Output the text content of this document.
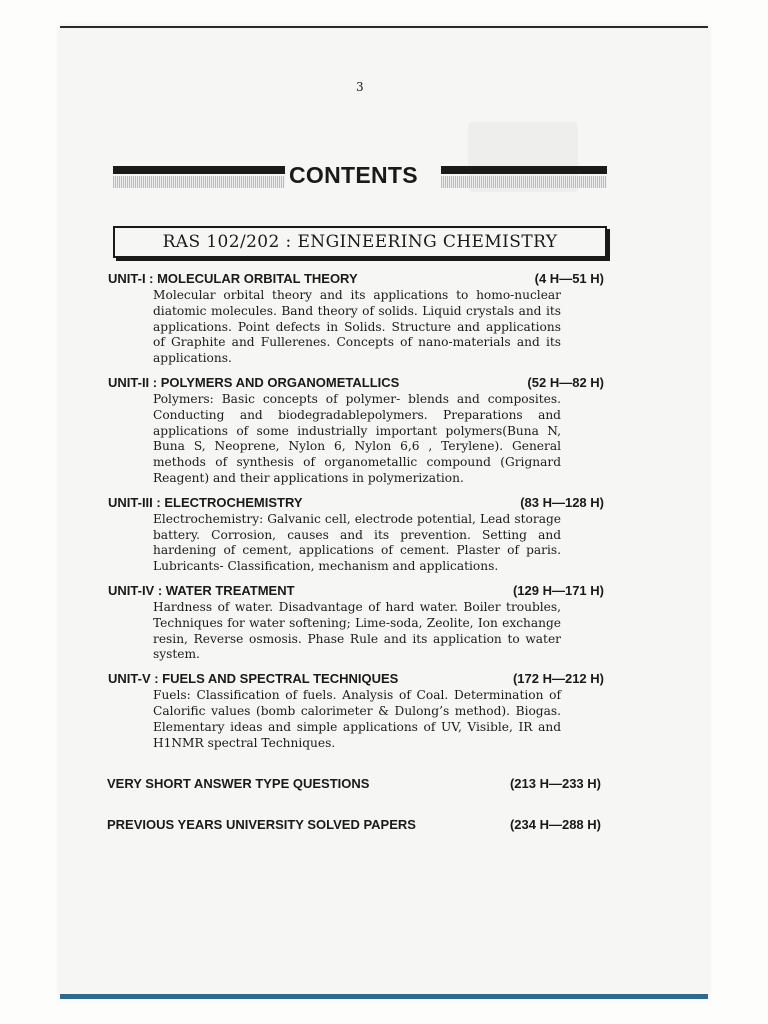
3
CONTENTS
RAS 102/202 : ENGINEERING CHEMISTRY
UNIT-I : MOLECULAR ORBITAL THEORY	(4 H—51 H)
Molecular orbital theory and its applications to homo-nuclear diatomic molecules. Band theory of solids. Liquid crystals and its applications. Point defects in Solids. Structure and applications of Graphite and Fullerenes. Concepts of nano-materials and its applications.
UNIT-II : POLYMERS AND ORGANOMETALLICS	(52 H—82 H)
Polymers: Basic concepts of polymer- blends and composites. Conducting and biodegradablepolymers. Preparations and applications of some industrially important polymers(Buna N, Buna S, Neoprene, Nylon 6, Nylon 6,6 , Terylene). General methods of synthesis of organometallic compound (Grignard Reagent) and their applications in polymerization.
UNIT-III : ELECTROCHEMISTRY	(83 H—128 H)
Electrochemistry: Galvanic cell, electrode potential, Lead storage battery. Corrosion, causes and its prevention. Setting and hardening of cement, applications of cement. Plaster of paris. Lubricants- Classification, mechanism and applications.
UNIT-IV : WATER TREATMENT	(129 H—171 H)
Hardness of water. Disadvantage of hard water. Boiler troubles, Techniques for water softening; Lime-soda, Zeolite, Ion exchange resin, Reverse osmosis. Phase Rule and its application to water system.
UNIT-V : FUELS AND SPECTRAL TECHNIQUES	(172 H—212 H)
Fuels: Classification of fuels. Analysis of Coal. Determination of Calorific values (bomb calorimeter & Dulong’s method). Biogas. Elementary ideas and simple applications of UV, Visible, IR and H1NMR spectral Techniques.
VERY SHORT ANSWER TYPE QUESTIONS	(213 H—233 H)
PREVIOUS YEARS UNIVERSITY SOLVED PAPERS	(234 H—288 H)
